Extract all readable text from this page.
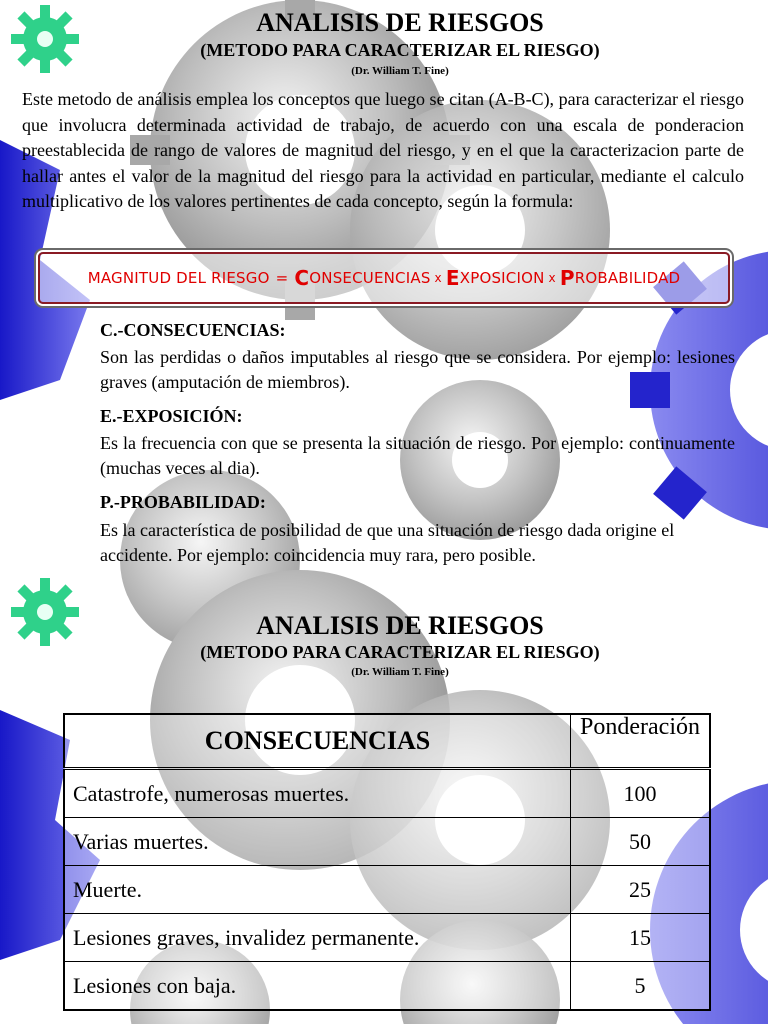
ANALISIS DE RIESGOS
(METODO PARA CARACTERIZAR EL RIESGO)
(Dr. William T. Fine)
Este metodo de análisis emplea los conceptos que luego se citan (A-B-C), para caracterizar el riesgo que involucra determinada actividad de trabajo, de acuerdo con una escala de ponderacion preestablecida de rango de valores de magnitud del riesgo, y en el que la caracterizacion parte de hallar antes el valor de la magnitud del riesgo para la actividad en particular, mediante el calculo multiplicativo de los valores pertinentes de cada concepto, según la formula:
MAGNITUD DEL RIESGO = C ONSECUENCIAS x E XPOSICION x P ROBABILIDAD
C.-CONSECUENCIAS:
Son las perdidas o daños imputables al riesgo que se considera. Por ejemplo: lesiones graves (amputación de miembros).
E.-EXPOSICIÓN:
Es la frecuencia con que se presenta la situación de riesgo. Por ejemplo: continuamente (muchas veces al dia).
P.-PROBABILIDAD:
Es la característica de posibilidad de que una situación de riesgo dada origine el accidente. Por ejemplo: coincidencia muy rara, pero posible.
ANALISIS DE RIESGOS
(METODO PARA CARACTERIZAR EL RIESGO)
(Dr. William T. Fine)
CONSECUENCIAS	Ponderación

Catastrofe, numerosas muertes.	100
Varias muertes.	50
Muerte.	25
Lesiones graves, invalidez permanente.	15
Lesiones con baja.	5
